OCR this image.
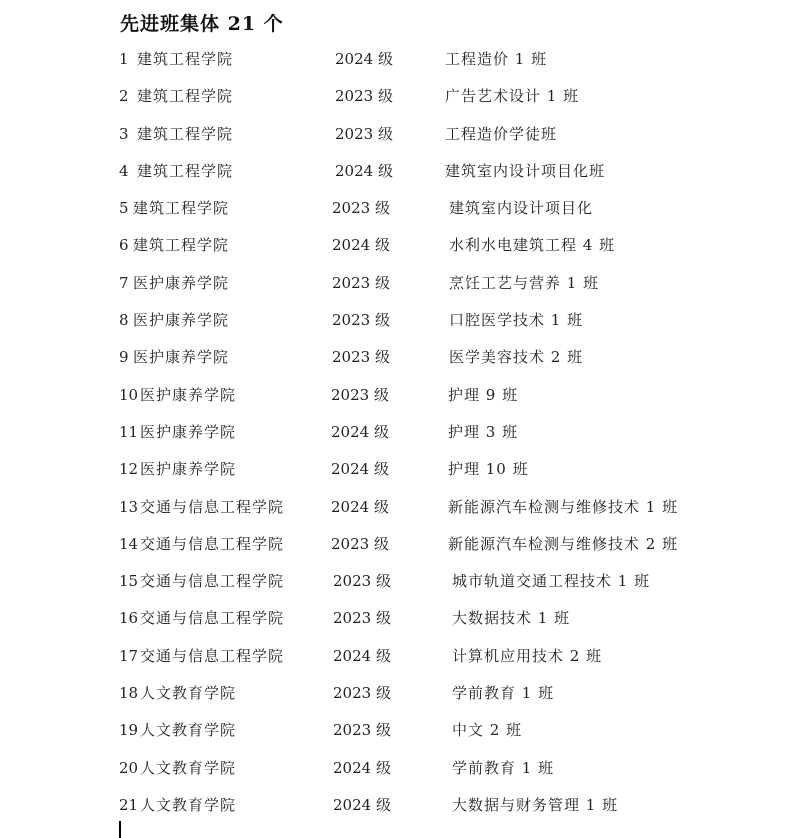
先进班集体 21 个
1 建筑工程学院	2024 级	工程造价 1 班
2 建筑工程学院	2023 级	广告艺术设计 1 班
3 建筑工程学院	2023 级	工程造价学徒班
4 建筑工程学院	2024 级	建筑室内设计项目化班
5 建筑工程学院	2023 级	建筑室内设计项目化
6 建筑工程学院	2024 级	水利水电建筑工程 4 班
7 医护康养学院	2023 级	烹饪工艺与营养 1 班
8 医护康养学院	2023 级	口腔医学技术 1 班
9 医护康养学院	2023 级	医学美容技术 2 班
10 医护康养学院	2023 级	护理 9 班
11 医护康养学院	2024 级	护理 3 班
12 医护康养学院	2024 级	护理 10 班
13 交通与信息工程学院	2024 级	新能源汽车检测与维修技术 1 班
14 交通与信息工程学院	2023 级	新能源汽车检测与维修技术 2 班
15 交通与信息工程学院	2023 级	城市轨道交通工程技术 1 班
16 交通与信息工程学院	2023 级	大数据技术 1 班
17 交通与信息工程学院	2024 级	计算机应用技术 2 班
18 人文教育学院	2023 级	学前教育 1 班
19 人文教育学院	2023 级	中文 2 班
20 人文教育学院	2024 级	学前教育 1 班
21 人文教育学院	2024 级	大数据与财务管理 1 班
